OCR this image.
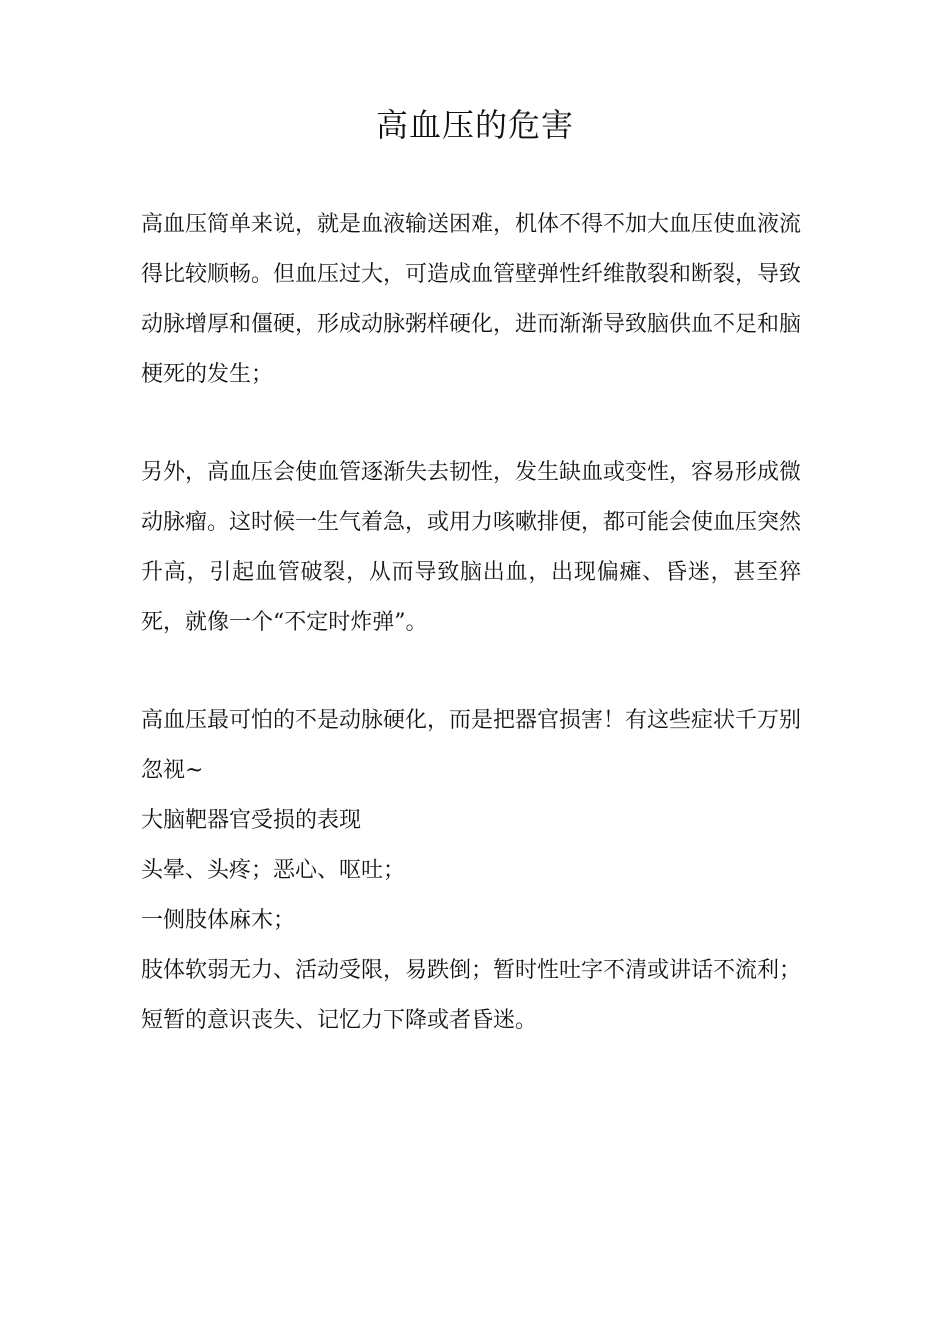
高血压的危害

高血压简单来说，就是血液输送困难，机体不得不加大血压使血液流得比较顺畅。但血压过大，可造成血管壁弹性纤维散裂和断裂，导致动脉增厚和僵硬，形成动脉粥样硬化，进而渐渐导致脑供血不足和脑梗死的发生；

另外，高血压会使血管逐渐失去韧性，发生缺血或变性，容易形成微动脉瘤。这时候一生气着急，或用力咳嗽排便，都可能会使血压突然升高，引起血管破裂，从而导致脑出血，出现偏瘫、昏迷，甚至猝死，就像一个“不定时炸弹”。

高血压最可怕的不是动脉硬化，而是把器官损害！有这些症状千万别忽视~

大脑靶器官受损的表现

头晕、头疼；恶心、呕吐；

一侧肢体麻木；

肢体软弱无力、活动受限，易跌倒；暂时性吐字不清或讲话不流利；短暂的意识丧失、记忆力下降或者昏迷。
